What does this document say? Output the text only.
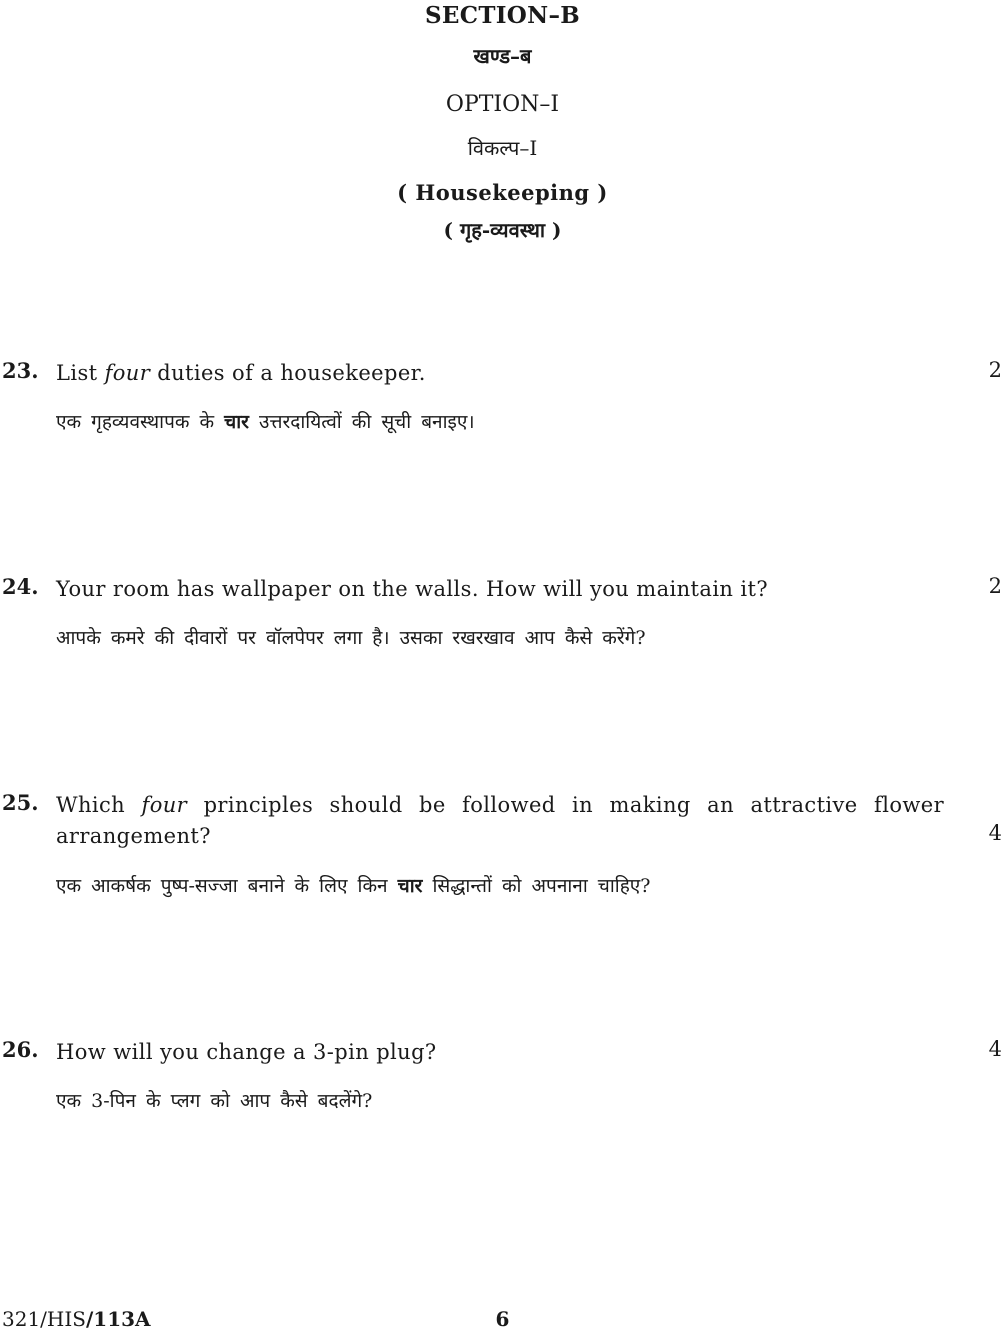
SECTION–B
खण्ड–ब
OPTION–I
विकल्प–I
( Housekeeping )
( गृह-व्यवस्था )
23. List four duties of a housekeeper.
एक गृहव्यवस्थापक के चार उत्तरदायित्वों की सूची बनाइए।
2
24. Your room has wallpaper on the walls. How will you maintain it?
आपके कमरे की दीवारों पर वॉलपेपर लगा है। उसका रखरखाव आप कैसे करेंगे?
2
25. Which four principles should be followed in making an attractive flower
arrangement?
एक आकर्षक पुष्प-सज्जा बनाने के लिए किन चार सिद्धान्तों को अपनाना चाहिए?
4
26. How will you change a 3-pin plug?
एक 3-पिन के प्लग को आप कैसे बदलेंगे?
4
321/HIS/113A	6
